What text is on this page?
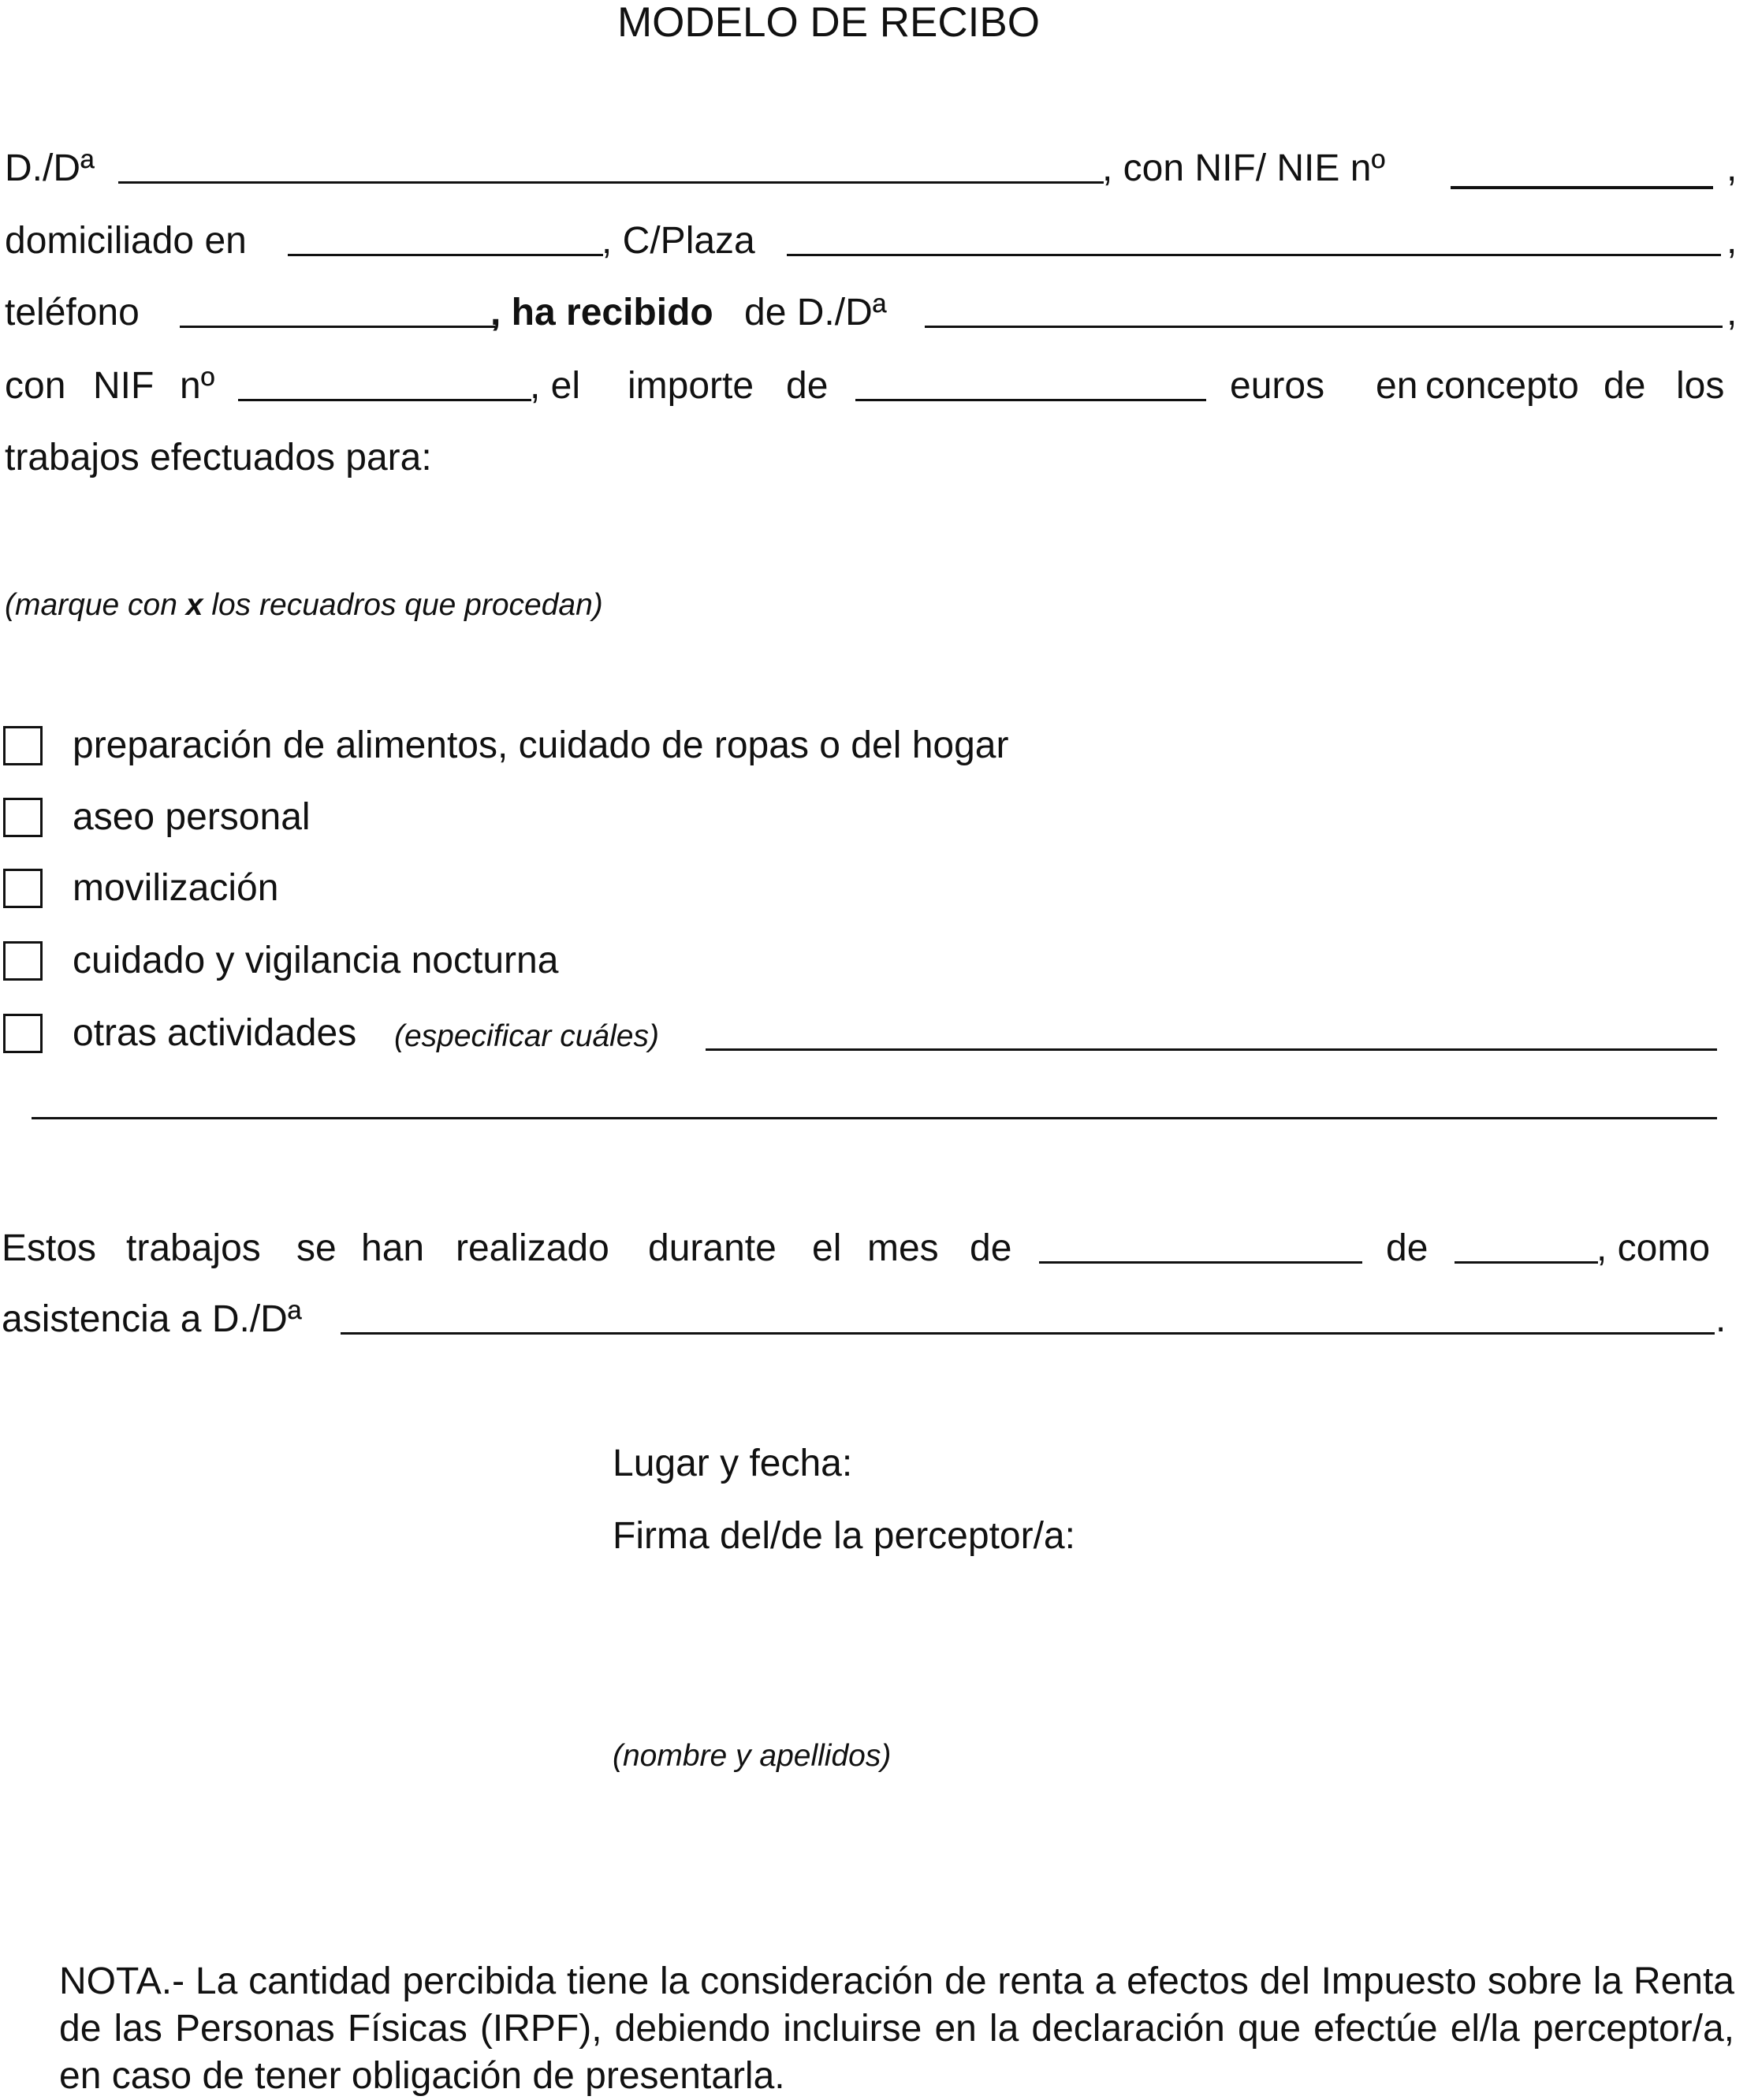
MODELO DE RECIBO
D./Dª	, con NIF/ NIE nº	,
domiciliado en	, C/Plaza	,
teléfono	, ha recibido de D./Dª	,
con NIF nº	, el importe de	euros en concepto de los
trabajos efectuados para:
(marque con x los recuadros que procedan)
preparación de alimentos, cuidado de ropas o del hogar
aseo personal
movilización
cuidado y vigilancia nocturna
otras actividades (especificar cuáles)
Estos trabajos se han realizado durante el mes de	de	, como
asistencia a D./Dª	.
Lugar y fecha:
Firma del/de la perceptor/a:
(nombre y apellidos)
NOTA.- La cantidad percibida tiene la consideración de renta a efectos del Impuesto sobre la Renta de las Personas Físicas (IRPF), debiendo incluirse en la declaración que efectúe el/la perceptor/a, en caso de tener obligación de presentarla.
